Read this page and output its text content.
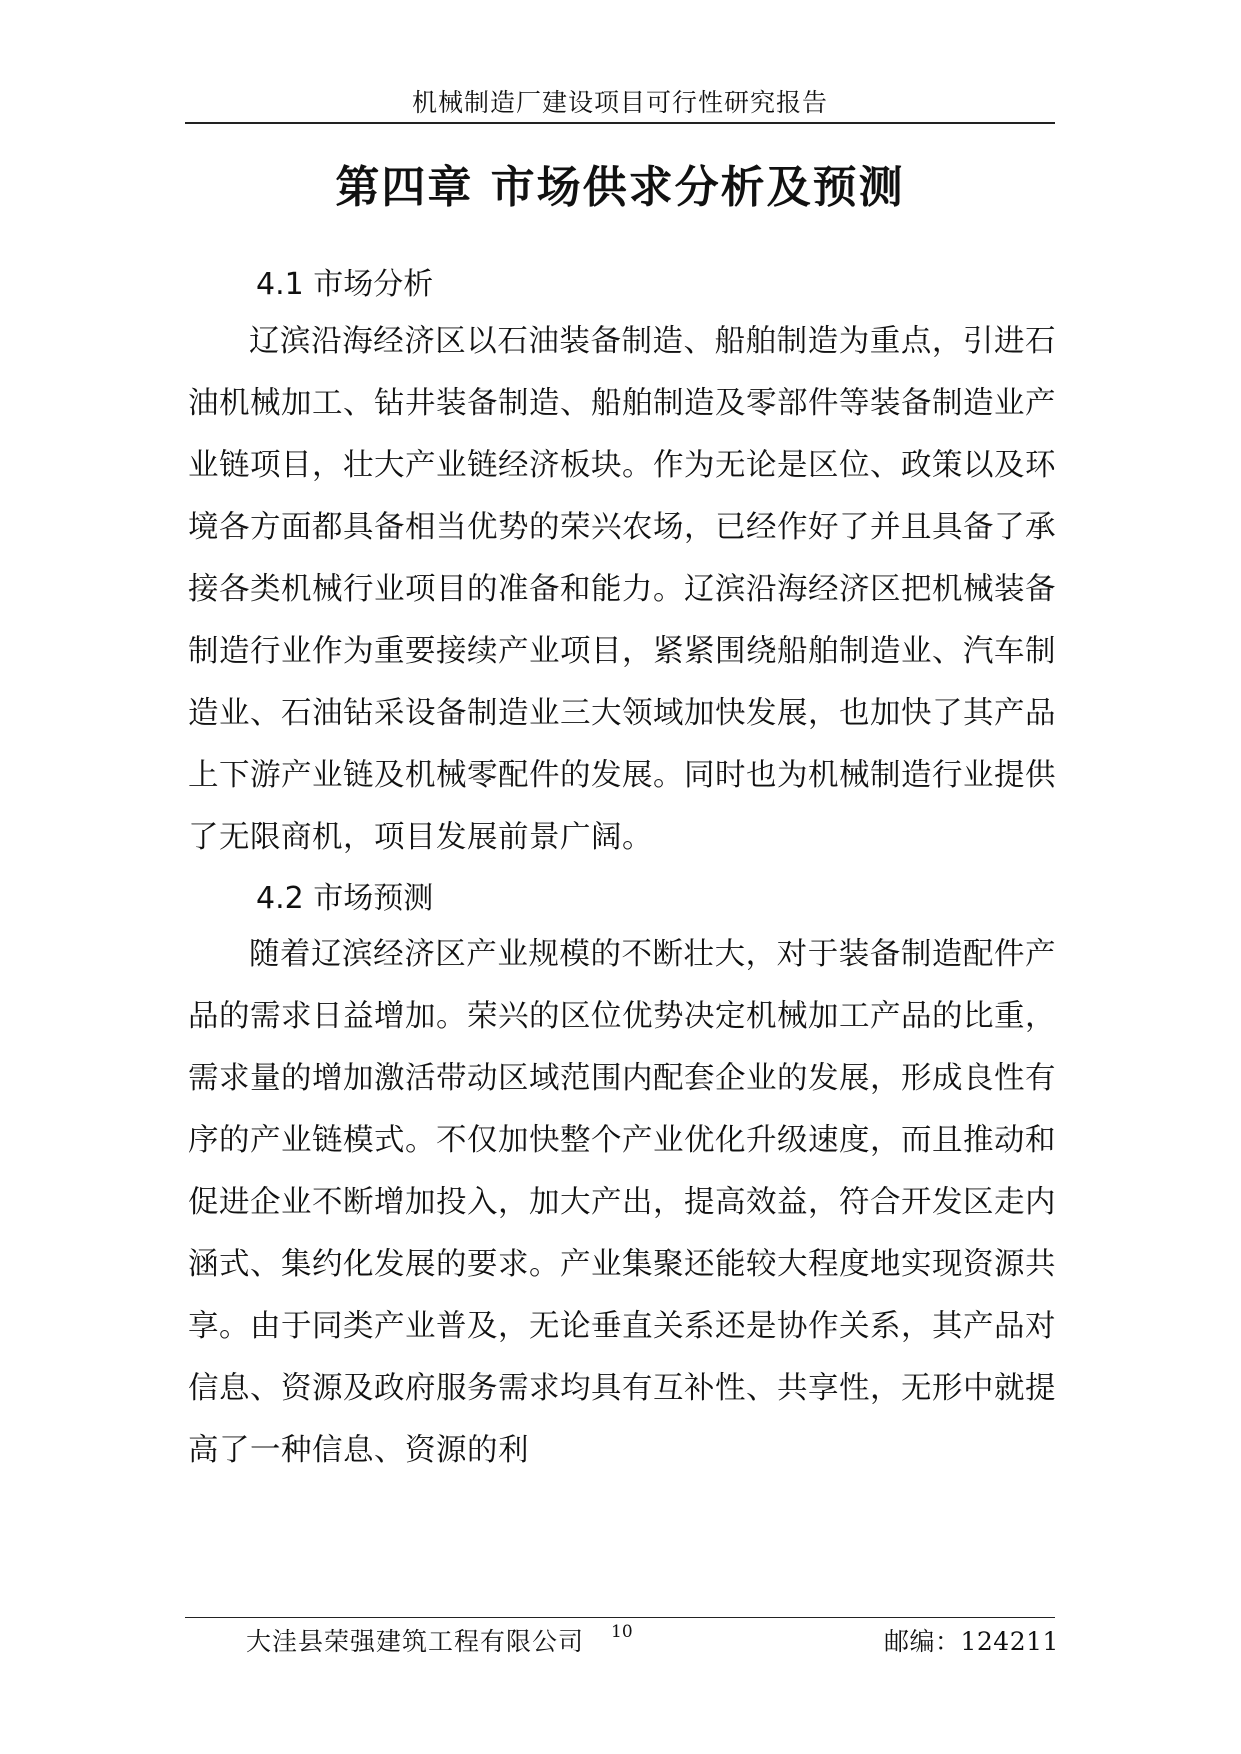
机械制造厂建设项目可行性研究报告
第四章 市场供求分析及预测
4.1 市场分析

辽滨沿海经济区以石油装备制造、船舶制造为重点，引进石油机械加工、钻井装备制造、船舶制造及零部件等装备制造业产业链项目，壮大产业链经济板块。作为无论是区位、政策以及环境各方面都具备相当优势的荣兴农场，已经作好了并且具备了承接各类机械行业项目的准备和能力。辽滨沿海经济区把机械装备制造行业作为重要接续产业项目，紧紧围绕船舶制造业、汽车制造业、石油钻采设备制造业三大领域加快发展，也加快了其产品上下游产业链及机械零配件的发展。同时也为机械制造行业提供了无限商机，项目发展前景广阔。

4.2 市场预测

随着辽滨经济区产业规模的不断壮大，对于装备制造配件产品的需求日益增加。荣兴的区位优势决定机械加工产品的比重，需求量的增加激活带动区域范围内配套企业的发展，形成良性有序的产业链模式。不仅加快整个产业优化升级速度，而且推动和促进企业不断增加投入，加大产出，提高效益，符合开发区走内涵式、集约化发展的要求。产业集聚还能较大程度地实现资源共享。由于同类产业普及，无论垂直关系还是协作关系，其产品对信息、资源及政府服务需求均具有互补性、共享性，无形中就提高了一种信息、资源的利

大洼县荣强建筑工程有限公司 10	邮编：124211
